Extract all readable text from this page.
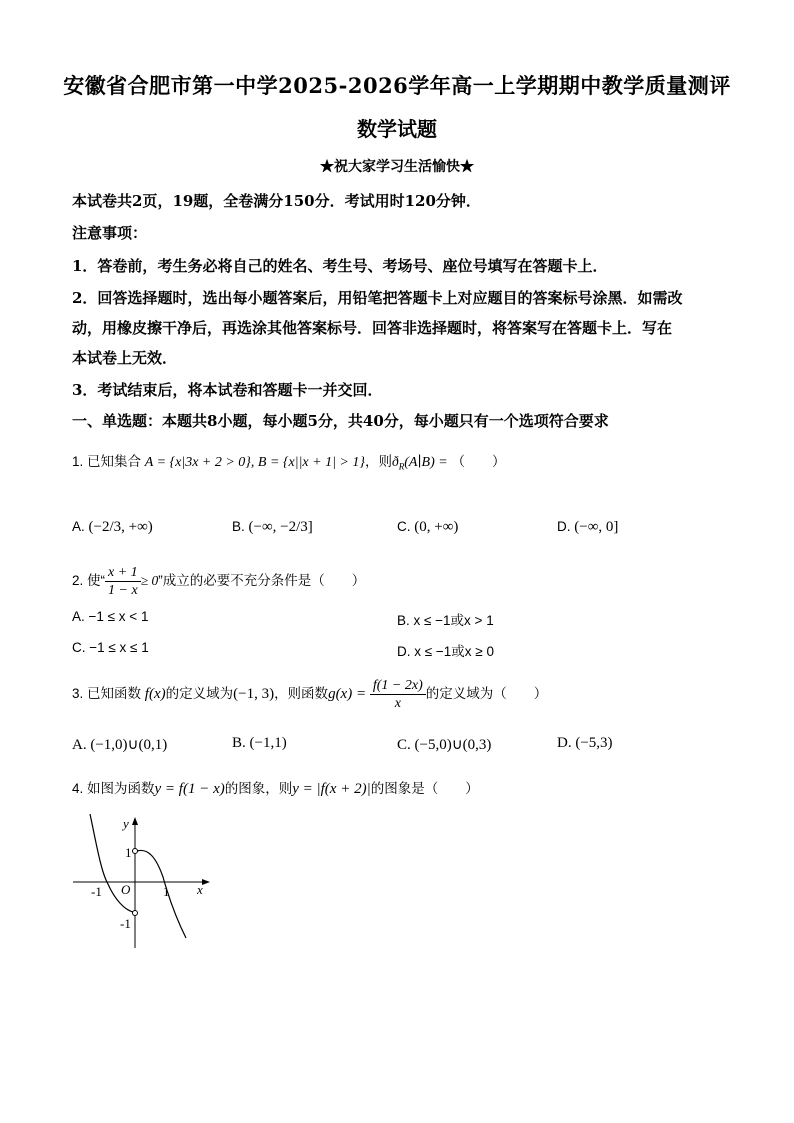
安徽省合肥市第一中学2025-2026学年高一上学期期中教学质量测评
数学试题
★祝大家学习生活愉快★
本试卷共2页，19题，全卷满分150分．考试用时120分钟．
注意事项：
1．答卷前，考生务必将自己的姓名、考生号、考场号、座位号填写在答题卡上．
2．回答选择题时，选出每小题答案后，用铅笔把答题卡上对应题目的答案标号涂黑．如需改
动，用橡皮擦干净后，再选涂其他答案标号．回答非选择题时，将答案写在答题卡上．写在
本试卷上无效．
3．考试结束后，将本试卷和答题卡一并交回．
一、单选题：本题共8小题，每小题5分，共40分，每小题只有一个选项符合要求
1. 已知集合 A = {x|3x + 2 > 0}, B = {x||x + 1| > 1}，则$ð_R(A∣B)$ = （　　）
A. (−2/3, +∞)	B. (−∞, −2/3]	C. (0, +∞)	D. (−∞, 0]
2. 使“ $\frac{x + 1}{1 - x} \ge 0$”成立的必要不充分条件是（　　）
A. −1 ≤ x < 1	B. x ≤ −1或x > 1
C. −1 ≤ x ≤ 1	D. x ≤ −1或x ≥ 0
3. 已知函数 f(x)的定义域为(−1, 3)，则函数$g(x) = \frac{f(1 - 2x)}{x}$ 的定义域为（　　）
A. (−1,0)∪(0,1)	B. (−1,1)	C. (−5,0)∪(0,3)	D. (−5,3)
4. 如图为函数y = f(1 − x)的图象，则y = |f(x + 2)|的图象是（　　）
y
x
O
1
-1
-1	1
